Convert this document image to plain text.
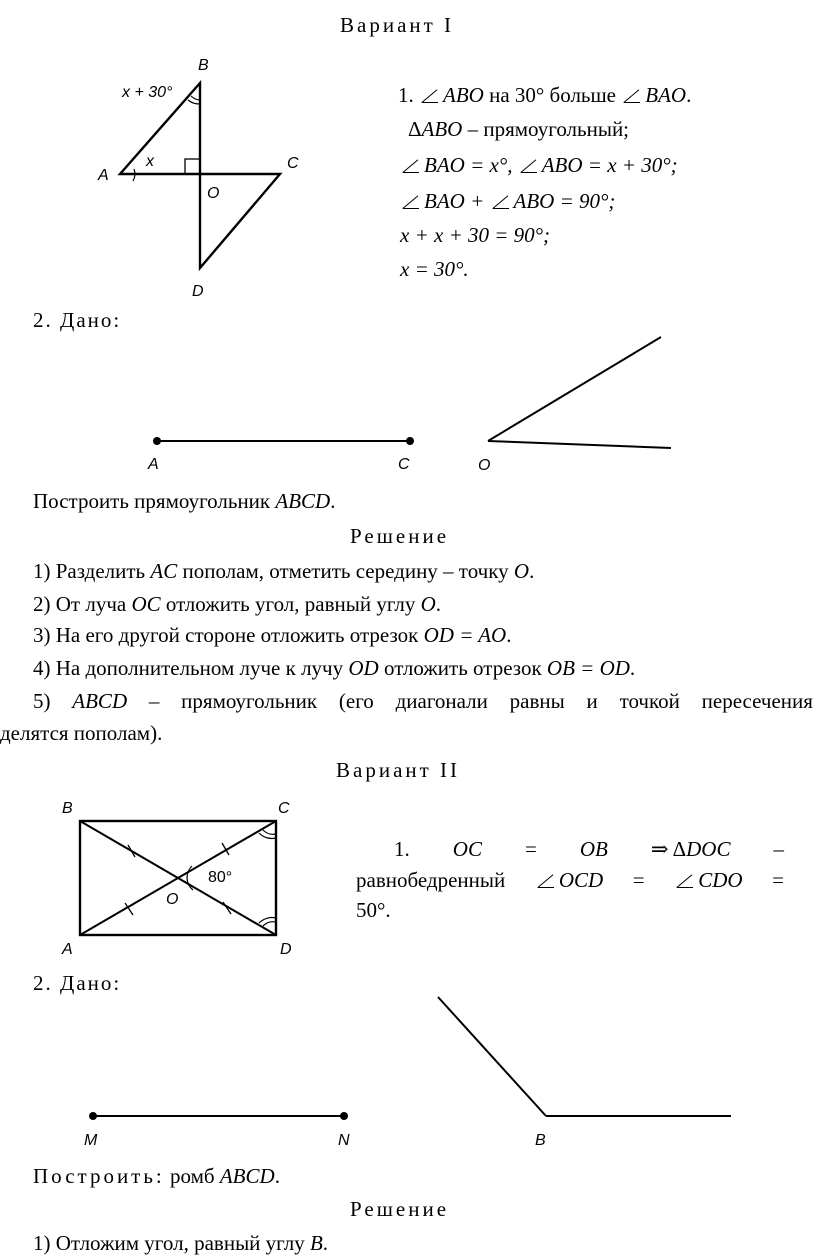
Вариант I
B
A
C
O
D
x
x + 30°
A	C	O
B	C
A	D
O
80°
M	N	B
1. ABO на 30° больше BAO.
ΔABO – прямоугольный;
BAO = x°, ABO = x + 30°;
BAO + ABO = 90°;
x + x + 30 = 90°;
x = 30°.
2. Дано:
Построить прямоугольник ABCD.
Решение
1) Разделить AC пополам, отметить середину – точку O.
2) От луча OC отложить угол, равный углу O.
3) На его другой стороне отложить отрезок OD = AO.
4) На дополнительном луче к лучу OD отложить отрезок OB = OD.
5) ABCD – прямоугольник (его диагонали равны и точкой пересечения
делятся пополам).
Вариант II
1. OC = OB ⇒ ΔDOC –
равнобедренный	OCD =	CDO =
50°.
2. Дано:
Построить: ромб ABCD.
Решение
1) Отложим угол, равный углу B.
